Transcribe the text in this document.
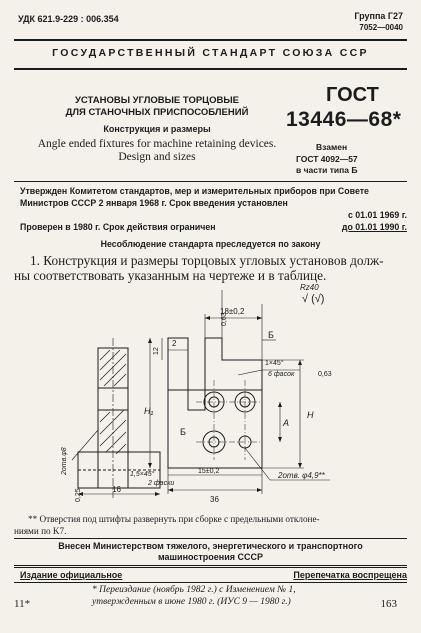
УДК 621.9-229 : 006.354	Группа Г27
7052—0040
ГОСУДАРСТВЕННЫЙ СТАНДАРТ СОЮЗА ССР
УСТАНОВЫ УГЛОВЫЕ ТОРЦОВЫЕ
ДЛЯ СТАНОЧНЫХ ПРИСПОСОБЛЕНИЙ
Конструкция и размеры
Angle ended fixtures for machine retaining devices.
Design and sizes
ГОСТ
13446—68*
Взамен
ГОСТ 4092—57
в части типа Б
Утвержден Комитетом стандартов, мер и измерительных приборов при Совете
Министров СССР 2 января 1968 г. Срок введения установлен
с 01.01 1969 г.
Проверен в 1980 г. Срок действия ограничен	до 01.01 1990 г.
Несоблюдение стандарта преследуется по закону
1. Конструкция и размеры торцовых угловых установов долж-
ны соответствовать указанным на чертеже и в таблице.
Rz40
√ (√)
0,63
18±0,2
2
Б
12
1×45°
6 фасок	0,63
H
H₁
A
Б
2отв.φ8	1,5×45°
2 фаски
16
15±0,2
36
0,25
2отв. φ4,9**
** Отверстия под штифты развернуть при сборке с предельными отклоне-
ниями по K7.
Внесен Министерством тяжелого, энергетического и транспортного
машиностроения СССР
Издание официальное	Перепечатка воспрещена
* Переиздание (ноябрь 1982 г.) с Изменением № 1,
утвержденным в июне 1980 г. (ИУС 9 — 1980 г.)
11*	163
